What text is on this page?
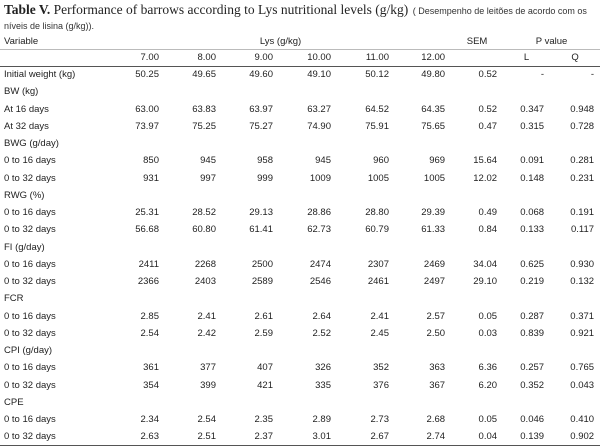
Table V. Performance of barrows according to Lys nutritional levels (g/kg) ( Desempenho de leitões de acordo com os níveis de lisina (g/kg)).
Variable	Lys (g/kg)						SEM	P value	
	7.00	8.00	9.00	10.00	11.00	12.00		L	Q
Initial weight (kg)	50.25	49.65	49.60	49.10	50.12	49.80	0.52	-	-
BW (kg)									
At 16 days	63.00	63.83	63.97	63.27	64.52	64.35	0.52	0.347	0.948
At 32 days	73.97	75.25	75.27	74.90	75.91	75.65	0.47	0.315	0.728
BWG (g/day)									
0 to 16 days	850	945	958	945	960	969	15.64	0.091	0.281
0 to 32 days	931	997	999	1009	1005	1005	12.02	0.148	0.231
RWG (%)									
0 to 16 days	25.31	28.52	29.13	28.86	28.80	29.39	0.49	0.068	0.191
0 to 32 days	56.68	60.80	61.41	62.73	60.79	61.33	0.84	0.133	0.117
FI (g/day)									
0 to 16 days	2411	2268	2500	2474	2307	2469	34.04	0.625	0.930
0 to 32 days	2366	2403	2589	2546	2461	2497	29.10	0.219	0.132
FCR									
0 to 16 days	2.85	2.41	2.61	2.64	2.41	2.57	0.05	0.287	0.371
0 to 32 days	2.54	2.42	2.59	2.52	2.45	2.50	0.03	0.839	0.921
CPI (g/day)									
0 to 16 days	361	377	407	326	352	363	6.36	0.257	0.765
0 to 32 days	354	399	421	335	376	367	6.20	0.352	0.043
CPE									
0 to 16 days	2.34	2.54	2.35	2.89	2.73	2.68	0.05	0.046	0.410
0 to 32 days	2.63	2.51	2.37	3.01	2.67	2.74	0.04	0.139	0.902
